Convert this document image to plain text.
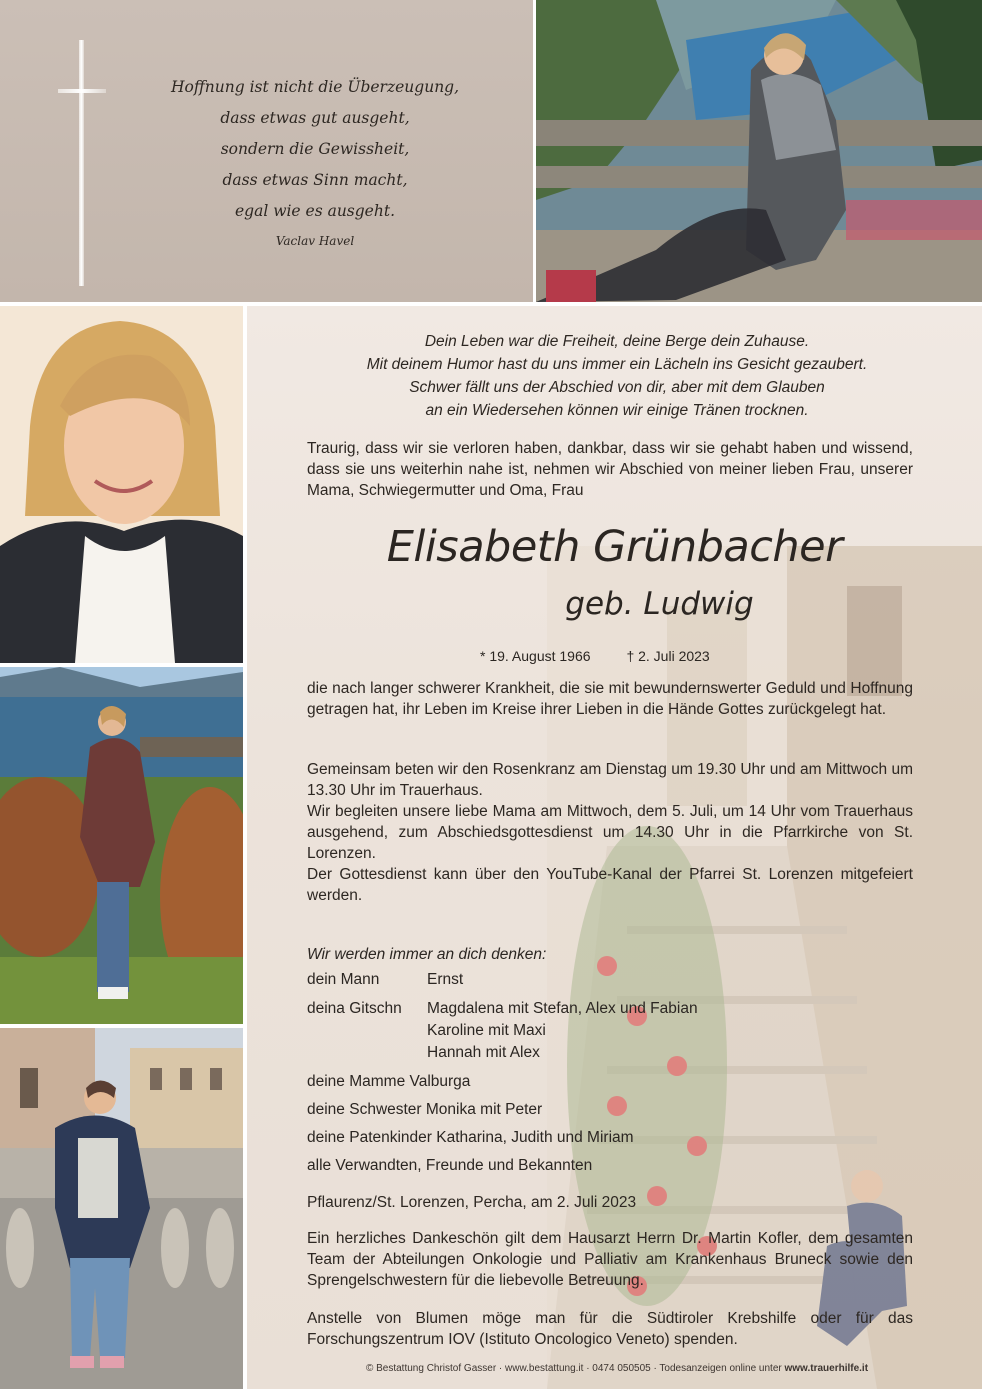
Hoffnung ist nicht die Überzeugung,
dass etwas gut ausgeht,
sondern die Gewissheit,
dass etwas Sinn macht,
egal wie es ausgeht.
Vaclav Havel
Dein Leben war die Freiheit, deine Berge dein Zuhause.
Mit deinem Humor hast du uns immer ein Lächeln ins Gesicht gezaubert.
Schwer fällt uns der Abschied von dir, aber mit dem Glauben
an ein Wiedersehen können wir einige Tränen trocknen.
Traurig, dass wir sie verloren haben, dankbar, dass wir sie gehabt haben und wissend, dass sie uns weiterhin nahe ist, nehmen wir Abschied von meiner lieben Frau, unserer Mama, Schwiegermutter und Oma, Frau
Elisabeth Grünbacher
geb. Ludwig
* 19. August 1966	† 2. Juli 2023
die nach langer schwerer Krankheit, die sie mit bewundernswerter Geduld und Hoffnung getragen hat, ihr Leben im Kreise ihrer Lieben in die Hände Gottes zurückgelegt hat.
Gemeinsam beten wir den Rosenkranz am Dienstag um 19.30 Uhr und am Mittwoch um 13.30 Uhr im Trauerhaus.
Wir begleiten unsere liebe Mama am Mittwoch, dem 5. Juli, um 14 Uhr vom Trauerhaus ausgehend, zum Abschiedsgottesdienst um 14.30 Uhr in die Pfarrkirche von St. Lorenzen.
Der Gottesdienst kann über den YouTube-Kanal der Pfarrei St. Lorenzen mitgefeiert werden.
Wir werden immer an dich denken:
dein Mann	Ernst
deina Gitschn	Magdalena mit Stefan, Alex und Fabian
Karoline mit Maxi
Hannah mit Alex
deine Mamme Valburga
deine Schwester Monika mit Peter
deine Patenkinder Katharina, Judith und Miriam
alle Verwandten, Freunde und Bekannten
Pflaurenz/St. Lorenzen, Percha, am 2. Juli 2023
Ein herzliches Dankeschön gilt dem Hausarzt Herrn Dr. Martin Kofler, dem gesamten Team der Abteilungen Onkologie und Palliativ am Krankenhaus Bruneck sowie den Sprengelschwestern für die liebevolle Betreuung.
Anstelle von Blumen möge man für die Südtiroler Krebshilfe oder für das Forschungszentrum IOV (Istituto Oncologico Veneto) spenden.
© Bestattung Christof Gasser · www.bestattung.it · 0474 050505 · Todesanzeigen online unter www.trauerhilfe.it
